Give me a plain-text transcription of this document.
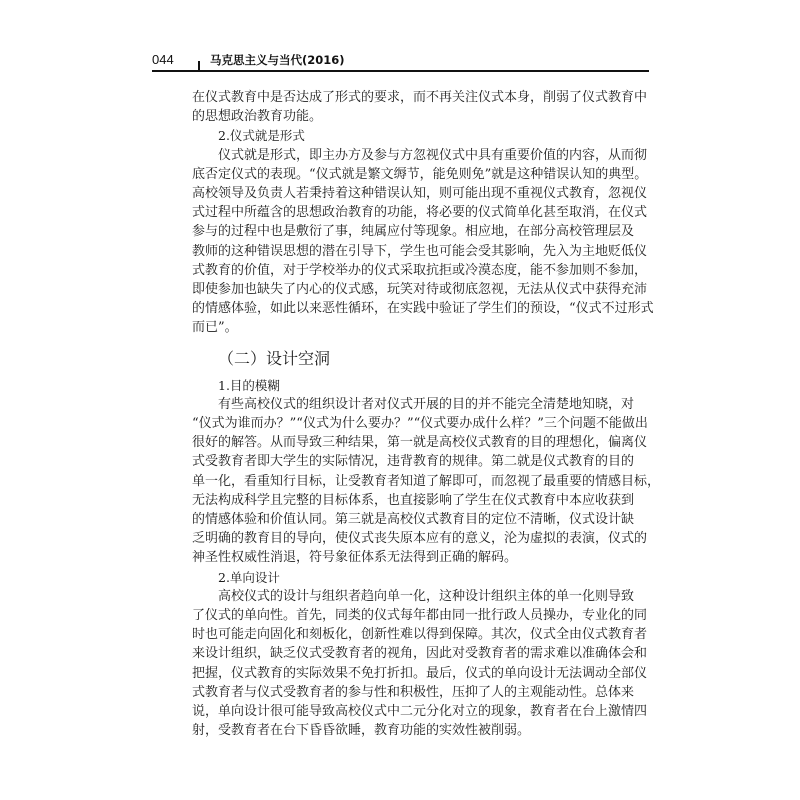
044	马克思主义与当代(2016)
在仪式教育中是否达成了形式的要求，而不再关注仪式本身，削弱了仪式教育中
的思想政治教育功能。
2.仪式就是形式
仪式就是形式，即主办方及参与方忽视仪式中具有重要价值的内容，从而彻
底否定仪式的表现。“仪式就是繁文缛节，能免则免”就是这种错误认知的典型。
高校领导及负责人若秉持着这种错误认知，则可能出现不重视仪式教育，忽视仪
式过程中所蕴含的思想政治教育的功能，将必要的仪式简单化甚至取消，在仪式
参与的过程中也是敷衍了事，纯属应付等现象。相应地，在部分高校管理层及
教师的这种错误思想的潜在引导下，学生也可能会受其影响，先入为主地贬低仪
式教育的价值，对于学校举办的仪式采取抗拒或冷漠态度，能不参加则不参加，
即使参加也缺失了内心的仪式感，玩笑对待或彻底忽视，无法从仪式中获得充沛
的情感体验，如此以来恶性循环，在实践中验证了学生们的预设，“仪式不过形式
而已”。
（二）设计空洞
1.目的模糊
有些高校仪式的组织设计者对仪式开展的目的并不能完全清楚地知晓，对
“仪式为谁而办？”“仪式为什么要办？”“仪式要办成什么样？”三个问题不能做出
很好的解答。从而导致三种结果，第一就是高校仪式教育的目的理想化，偏离仪
式受教育者即大学生的实际情况，违背教育的规律。第二就是仪式教育的目的
单一化，看重知行目标，让受教育者知道了解即可，而忽视了最重要的情感目标，
无法构成科学且完整的目标体系，也直接影响了学生在仪式教育中本应收获到
的情感体验和价值认同。第三就是高校仪式教育目的定位不清晰，仪式设计缺
乏明确的教育目的导向，使仪式丧失原本应有的意义，沦为虚拟的表演，仪式的
神圣性权威性消退，符号象征体系无法得到正确的解码。
2.单向设计
高校仪式的设计与组织者趋向单一化，这种设计组织主体的单一化则导致
了仪式的单向性。首先，同类的仪式每年都由同一批行政人员操办，专业化的同
时也可能走向固化和刻板化，创新性难以得到保障。其次，仪式全由仪式教育者
来设计组织，缺乏仪式受教育者的视角，因此对受教育者的需求难以准确体会和
把握，仪式教育的实际效果不免打折扣。最后，仪式的单向设计无法调动全部仪
式教育者与仪式受教育者的参与性和积极性，压抑了人的主观能动性。总体来
说，单向设计很可能导致高校仪式中二元分化对立的现象，教育者在台上激情四
射，受教育者在台下昏昏欲睡，教育功能的实效性被削弱。
